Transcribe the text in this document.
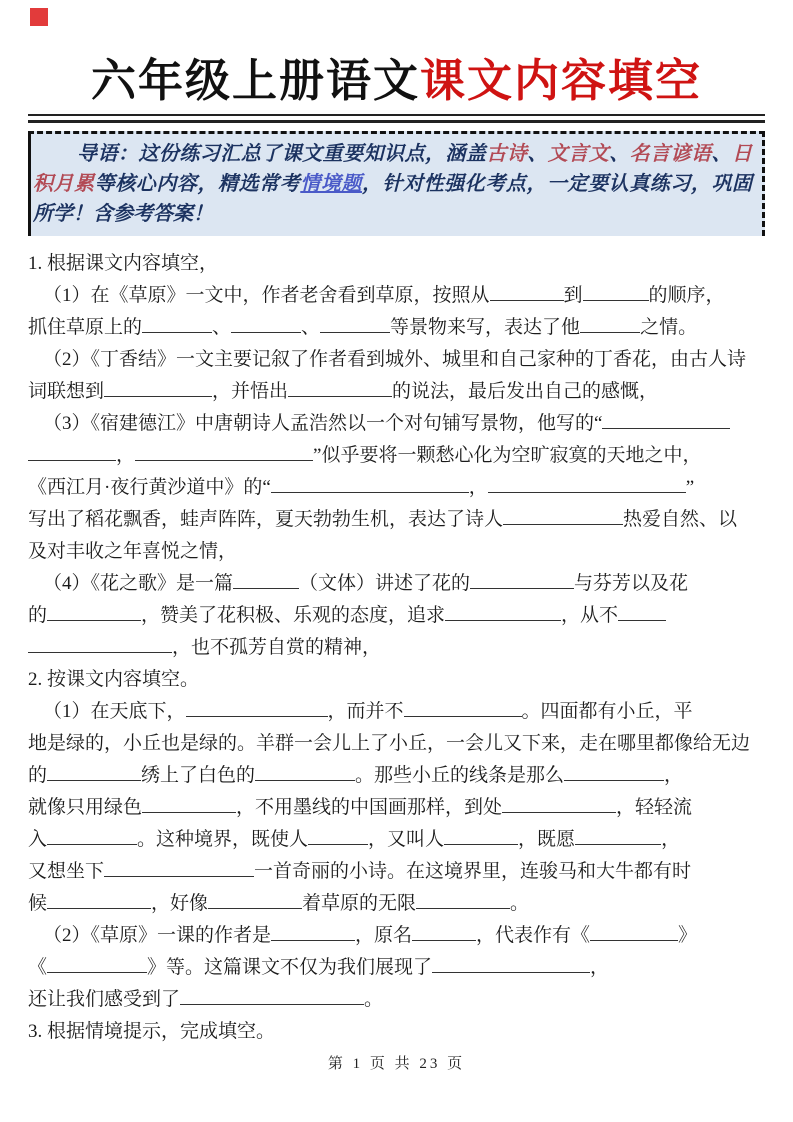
六年级上册语文课文内容填空
导语：这份练习汇总了课文重要知识点，涵盖古诗、文言文、名言谚语、日积月累等核心内容，精选常考情境题，针对性强化考点，一定要认真练习，巩固所学！含参考答案！
1. 根据课文内容填空，
（1）在《草原》一文中，作者老舍看到草原，按照从	到	的顺序，
抓住草原上的	、	、	等景物来写，表达了他	之情。
（2）《丁香结》一文主要记叙了作者看到城外、城里和自己家种的丁香花，由古人诗
词联想到	，并悟出	的说法，最后发出自己的感慨，
（3）《宿建德江》中唐朝诗人孟浩然以一个对句铺写景物，他写的“
，	”似乎要将一颗愁心化为空旷寂寞的天地之中，
《西江月·夜行黄沙道中》的“	，	”
写出了稻花飘香，蛙声阵阵，夏天勃勃生机，表达了诗人	热爱自然、以
及对丰收之年喜悦之情，
（4）《花之歌》是一篇	（文体）讲述了花的	与芬芳以及花
的	，赞美了花积极、乐观的态度，追求	，从不
，也不孤芳自赏的精神，
2. 按课文内容填空。
（1）在天底下，	，而并不	。四面都有小丘，平
地是绿的，小丘也是绿的。羊群一会儿上了小丘，一会儿又下来，走在哪里都像给无边
的	绣上了白色的	。那些小丘的线条是那么	，
就像只用绿色	，不用墨线的中国画那样，到处	，轻轻流
入	。这种境界，既使人	，又叫人	，既愿	，
又想坐下	一首奇丽的小诗。在这境界里，连骏马和大牛都有时
候	，好像	着草原的无限	。
（2）《草原》一课的作者是	，原名	，代表作有《	》
《	》等。这篇课文不仅为我们展现了	，
还让我们感受到了	。
3. 根据情境提示，完成填空。
第 1 页 共 23 页
